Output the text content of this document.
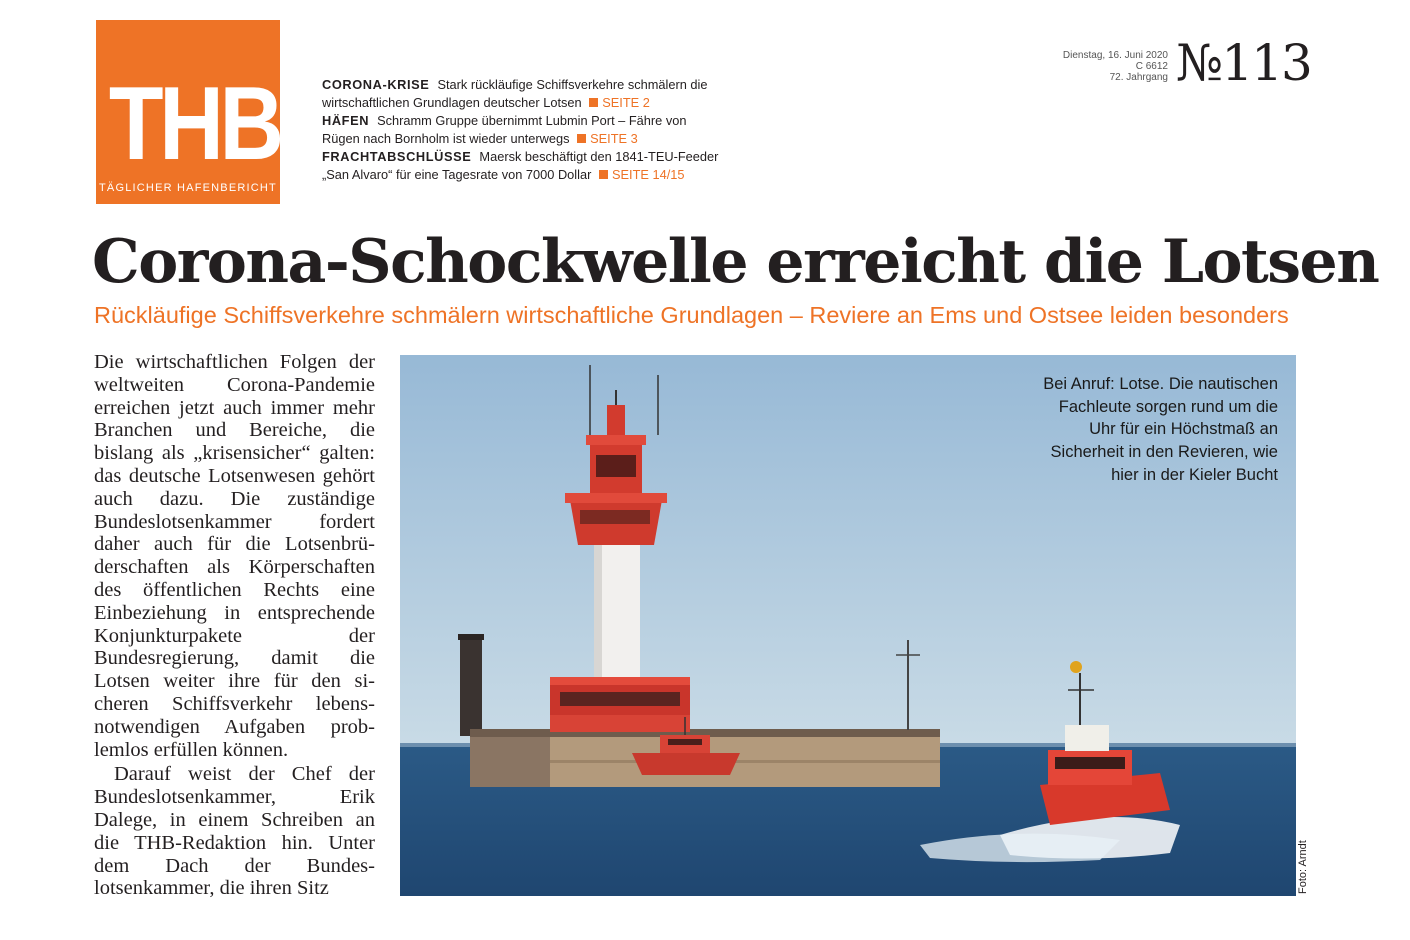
THB
TÄGLICHER HAFENBERICHT
CORONA-KRISE Stark rückläufige Schiffsverkehre schmälern die wirtschaftlichen Grundlagen deutscher Lotsen SEITE 2
HÄFEN Schramm Gruppe übernimmt Lubmin Port – Fähre von Rügen nach Bornholm ist wieder unterwegs SEITE 3
FRACHTABSCHLÜSSE Maersk beschäftigt den 1841-TEU-Feeder „San Alvaro“ für eine Tagesrate von 7000 Dollar SEITE 14/15
Dienstag, 16. Juni 2020
C 6612
72. Jahrgang №113
Corona-Schockwelle erreicht die Lotsen
Rückläufige Schiffsverkehre schmälern wirtschaftliche Grundlagen – Reviere an Ems und Ostsee leiden besonders

Die wirtschaftlichen Folgen der weltweiten Corona-Pandemie erreichen jetzt auch immer mehr Branchen und Bereiche, die bislang als „krisensicher“ galten: das deutsche Lotsenwesen gehört auch dazu. Die zuständige Bundeslotsenkammer fordert daher auch für die Lotsenbrüderschaften als Körperschaften des öffentlichen Rechts eine Einbeziehung in entsprechende Konjunkturpakete der Bundesregierung, damit die Lotsen weiter ihre für den sicheren Schiffsverkehr lebensnotwendigen Aufgaben problemlos erfüllen können.

Darauf weist der Chef der Bundeslotsenkammer, Erik Dalege, in einem Schreiben an die THB-Redaktion hin. Unter dem Dach der Bundeslotsenkammer, die ihren Sitz

Bei Anruf: Lotse. Die nautischen Fachleute sorgen rund um die Uhr für ein Höchstmaß an Sicherheit in den Revieren, wie hier in der Kieler Bucht
Foto: Arndt
